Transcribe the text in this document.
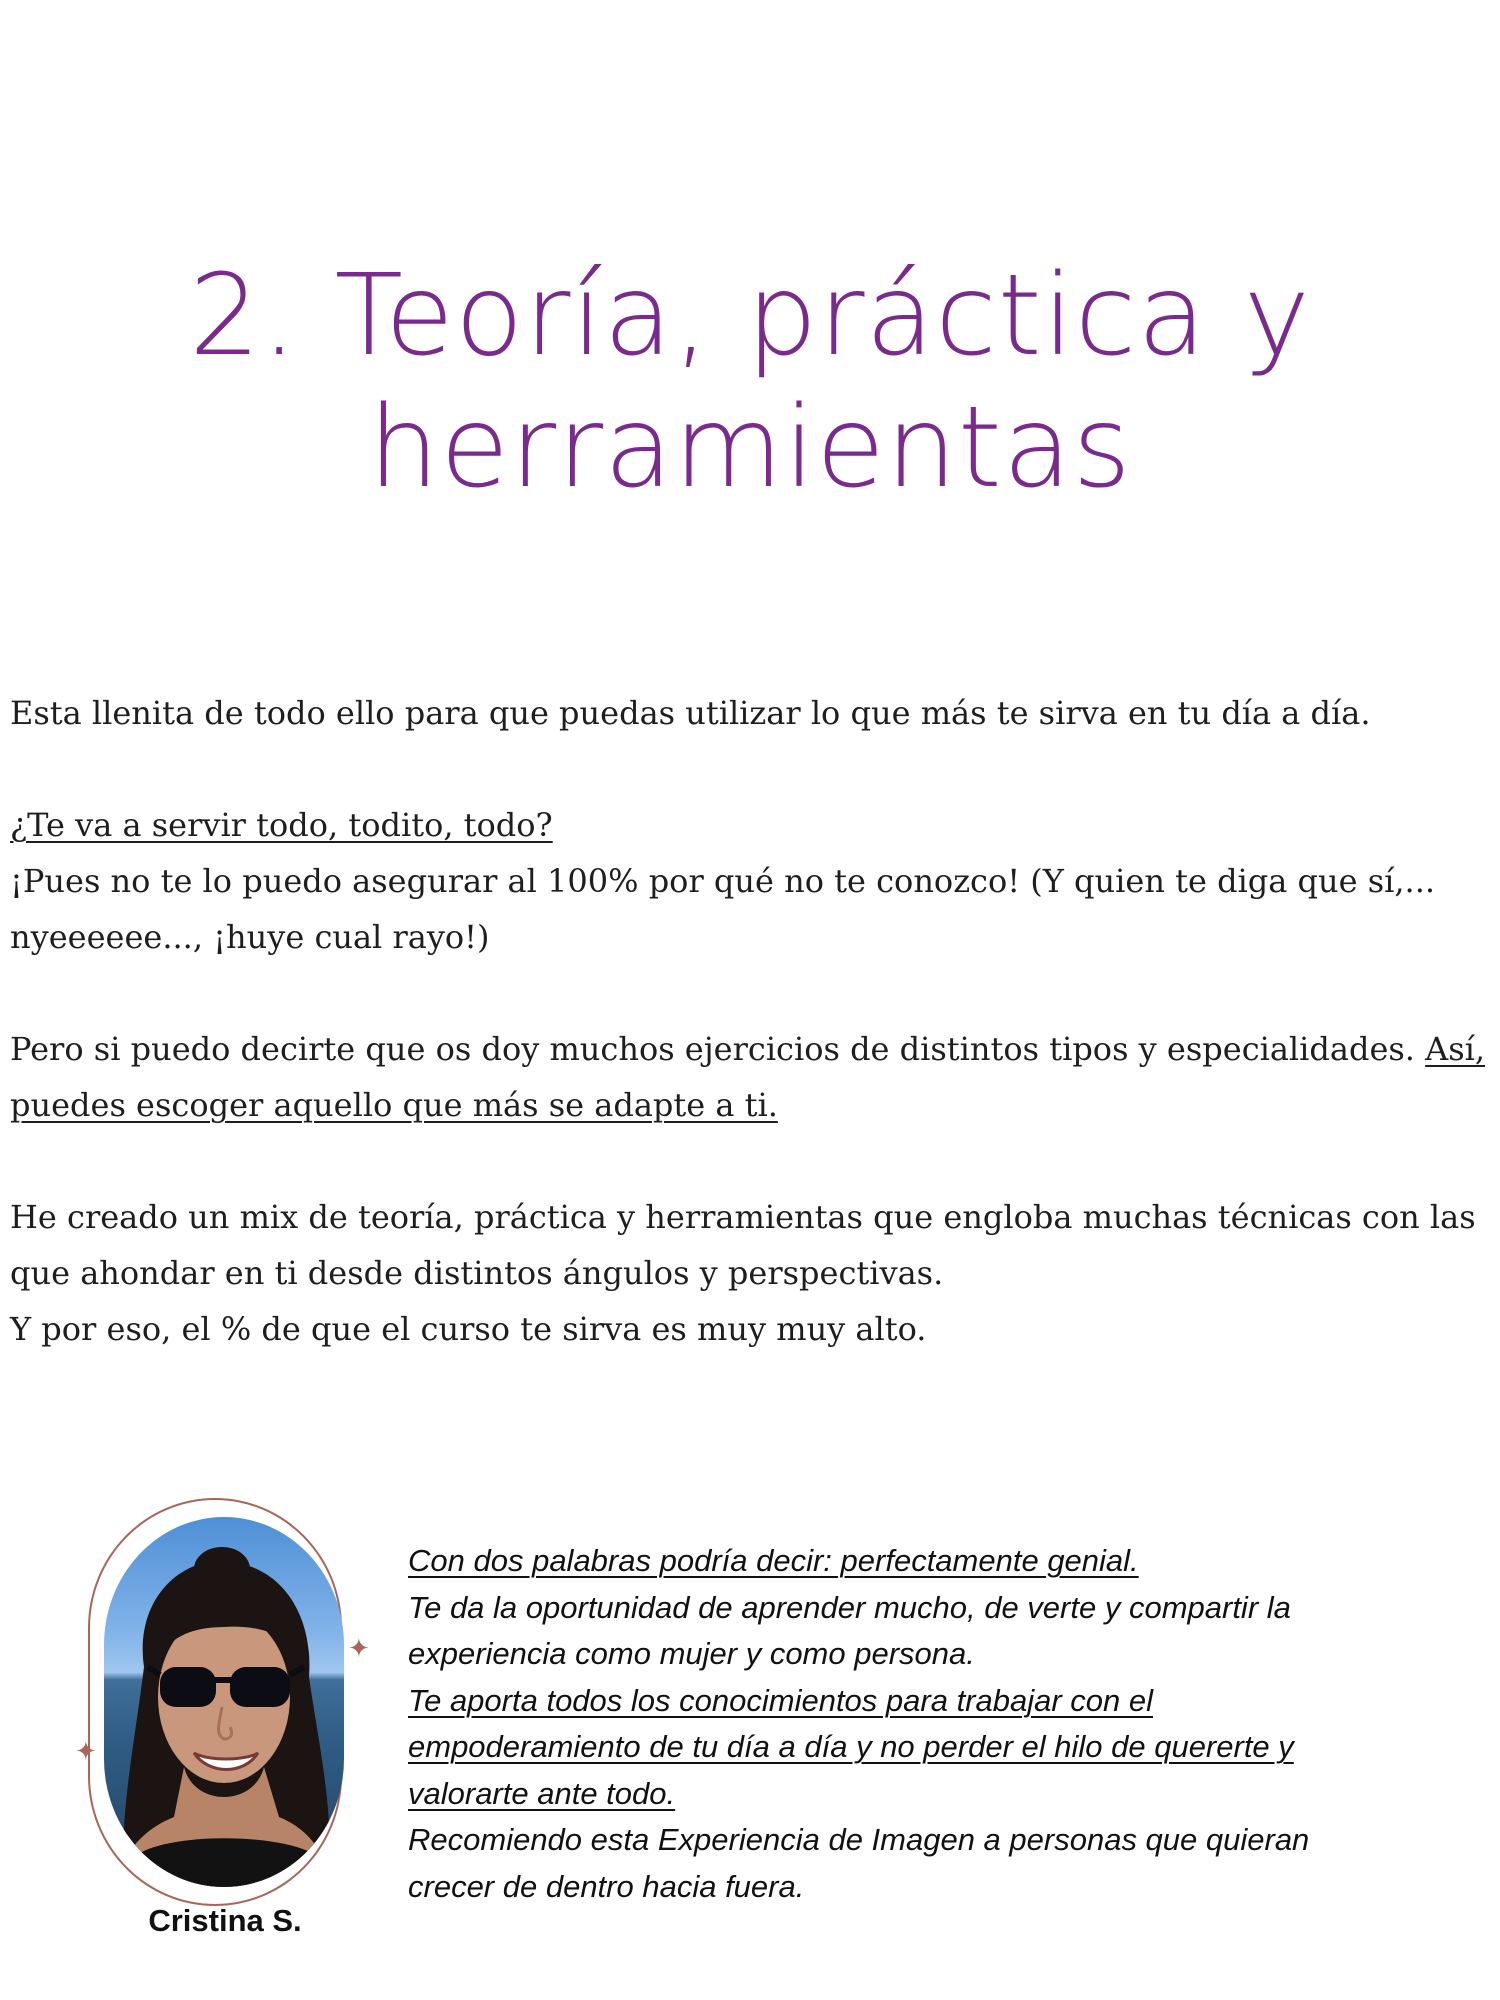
2. Teoría, práctica y
herramientas

Esta llenita de todo ello para que puedas utilizar lo que más te sirva en tu día a día.

¿Te va a servir todo, todito, todo?

¡Pues no te lo puedo asegurar al 100% por qué no te conozco! (Y quien te diga que sí,...

nyeeeeee..., ¡huye cual rayo!)

Pero si puedo decirte que os doy muchos ejercicios de distintos tipos y especialidades. Así,

puedes escoger aquello que más se adapte a ti.

He creado un mix de teoría, práctica y herramientas que engloba muchas técnicas con las

que ahondar en ti desde distintos ángulos y perspectivas.

Y por eso, el % de que el curso te sirva es muy muy alto.

✦
✦
Cristina S.

Con dos palabras podría decir: perfectamente genial.

Te da la oportunidad de aprender mucho, de verte y compartir la

experiencia como mujer y como persona.

Te aporta todos los conocimientos para trabajar con el

empoderamiento de tu día a día y no perder el hilo de quererte y

valorarte ante todo.

Recomiendo esta Experiencia de Imagen a personas que quieran

crecer de dentro hacia fuera.
